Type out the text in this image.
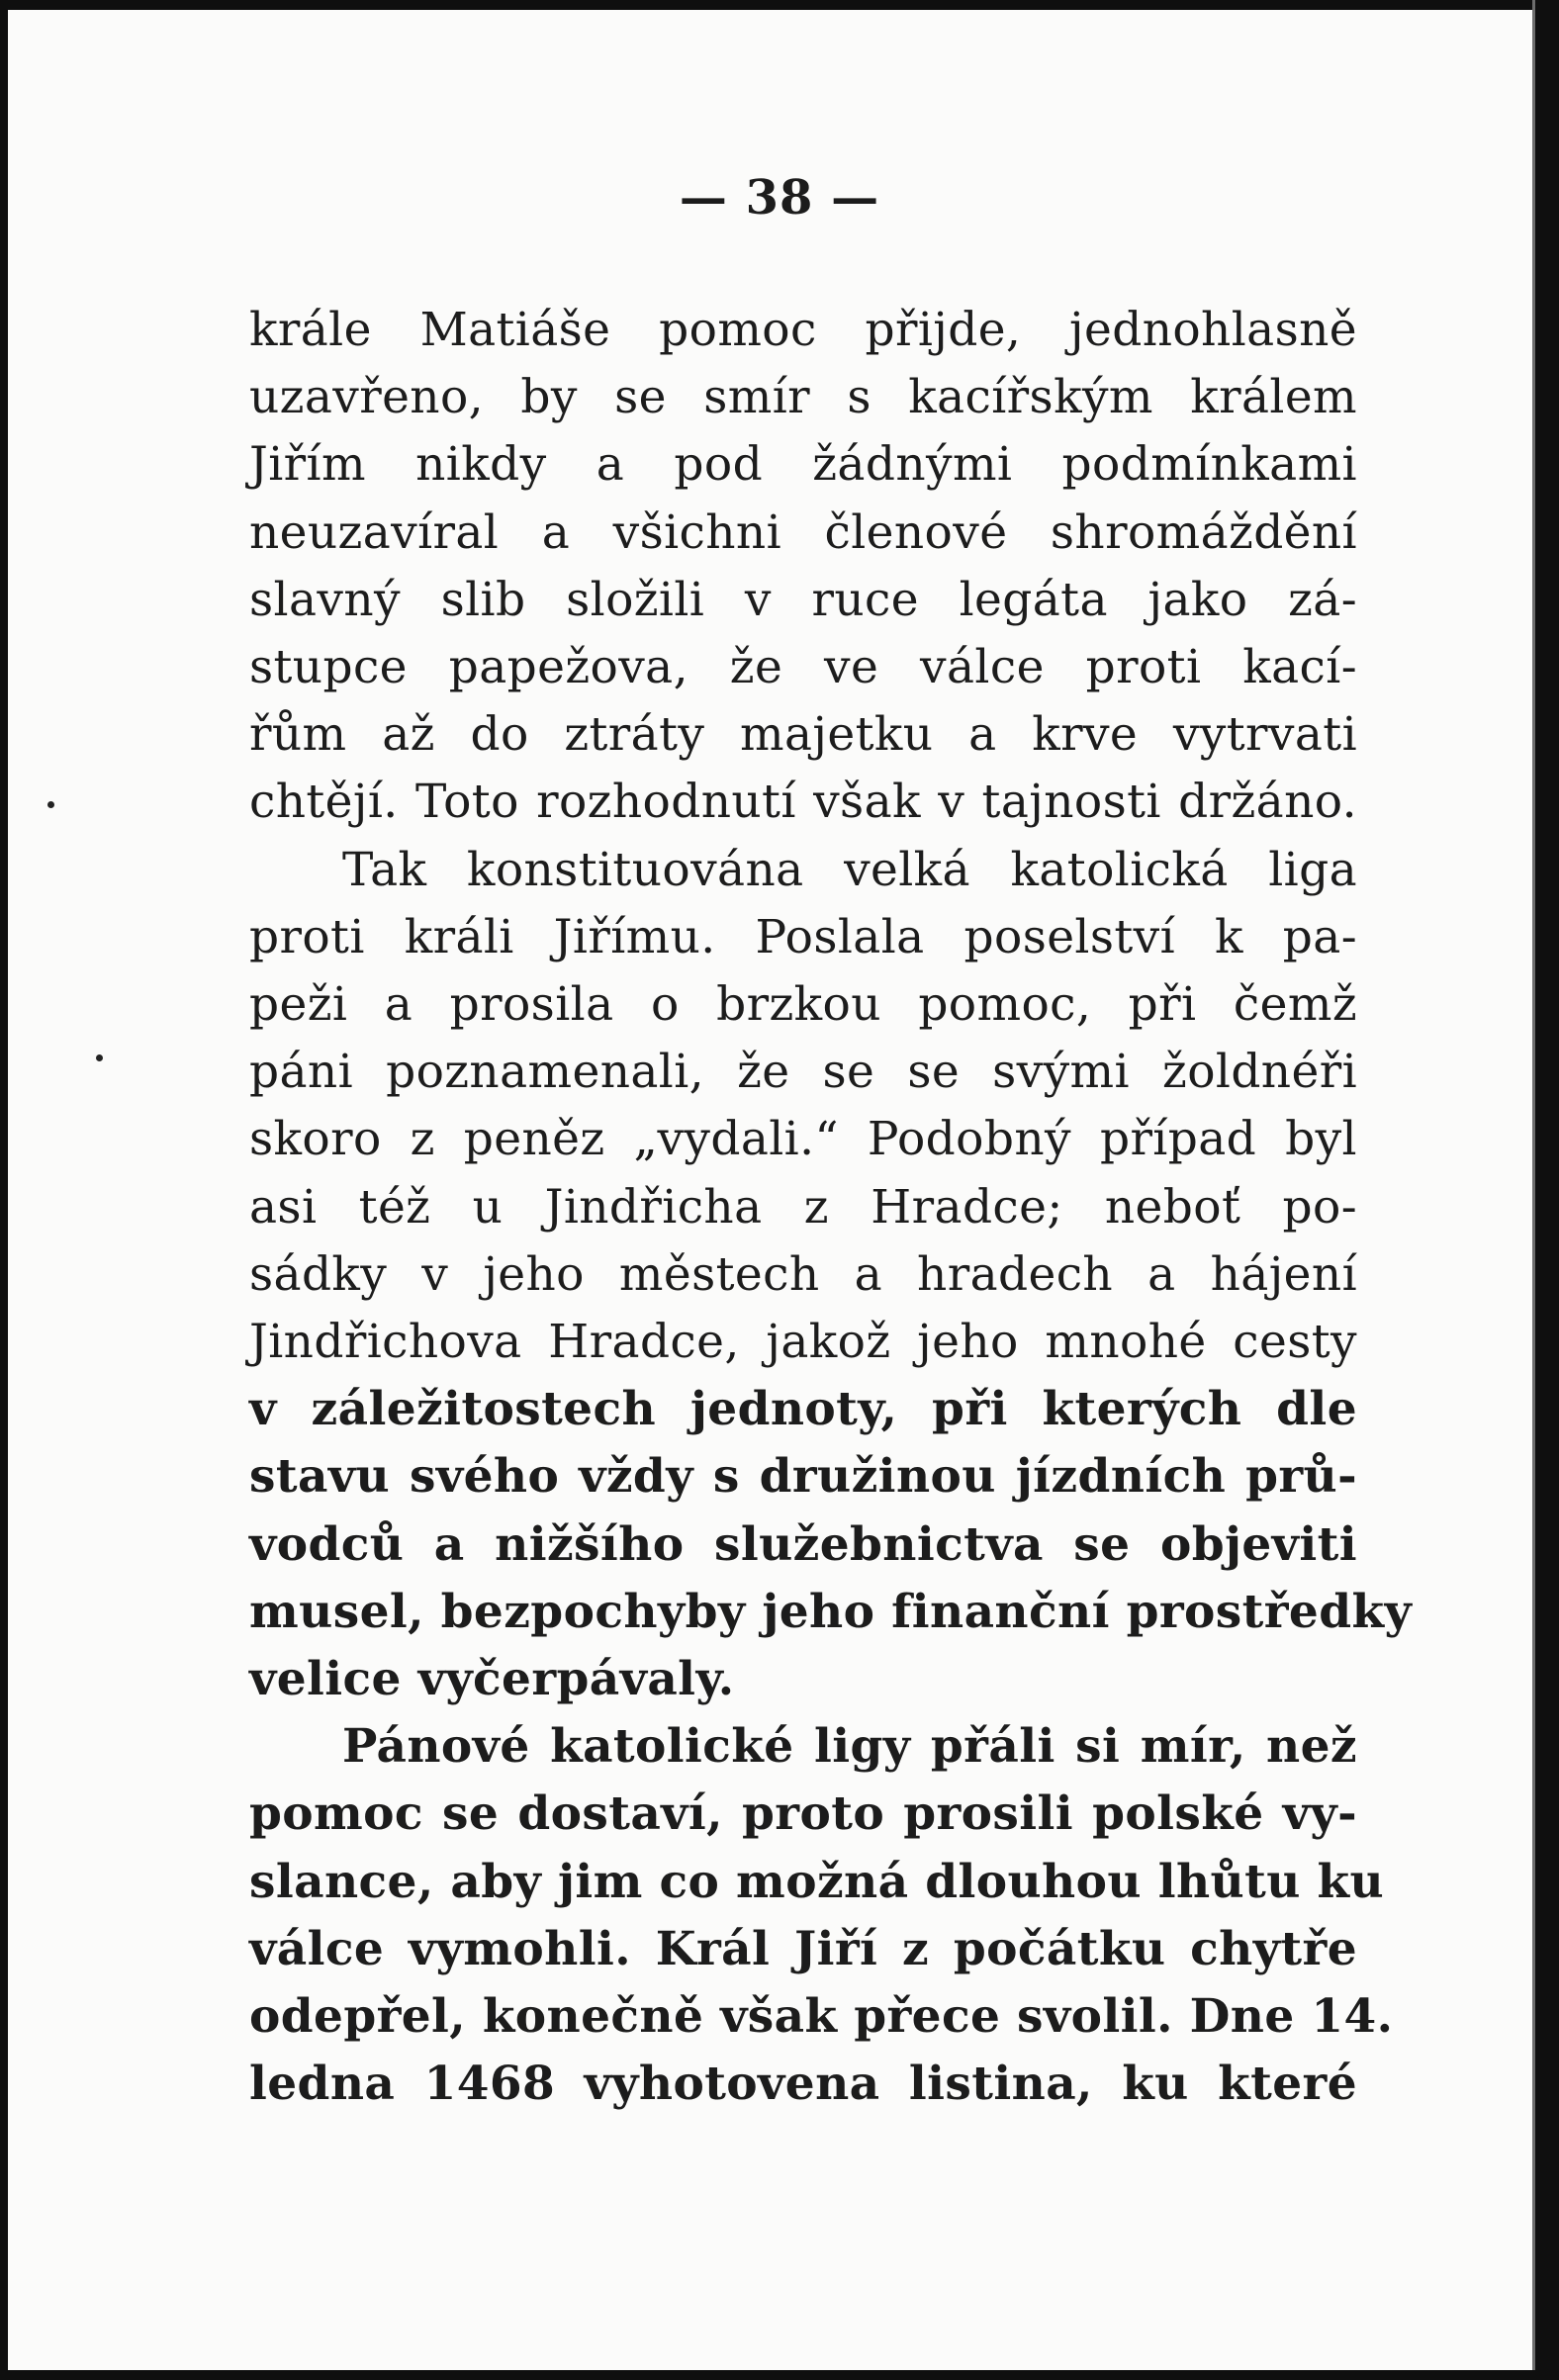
— 38 —
krále Matiáše pomoc přijde, jednohlasně
uzavřeno, by se smír s kacířským králem
Jiřím nikdy a pod žádnými podmínkami
neuzavíral a všichni členové shromáždění
slavný slib složili v ruce legáta jako zá-
stupce papežova, že ve válce proti kací-
řům až do ztráty majetku a krve vytrvati
chtějí. Toto rozhodnutí však v tajnosti držáno.
Tak konstituována velká katolická liga
proti králi Jiřímu. Poslala poselství k pa-
peži a prosila o brzkou pomoc, při čemž
páni poznamenali, že se se svými žoldnéři
skoro z peněz „vydali.“ Podobný případ byl
asi též u Jindřicha z Hradce; neboť po-
sádky v jeho městech a hradech a hájení
Jindřichova Hradce, jakož jeho mnohé cesty
v záležitostech jednoty, při kterých dle
stavu svého vždy s družinou jízdních prů-
vodců a nižšího služebnictva se objeviti
musel, bezpochyby jeho finanční prostředky
velice vyčerpávaly.
Pánové katolické ligy přáli si mír, než
pomoc se dostaví, proto prosili polské vy-
slance, aby jim co možná dlouhou lhůtu ku
válce vymohli. Král Jiří z počátku chytře
odepřel, konečně však přece svolil. Dne 14.
ledna 1468 vyhotovena listina, ku které
